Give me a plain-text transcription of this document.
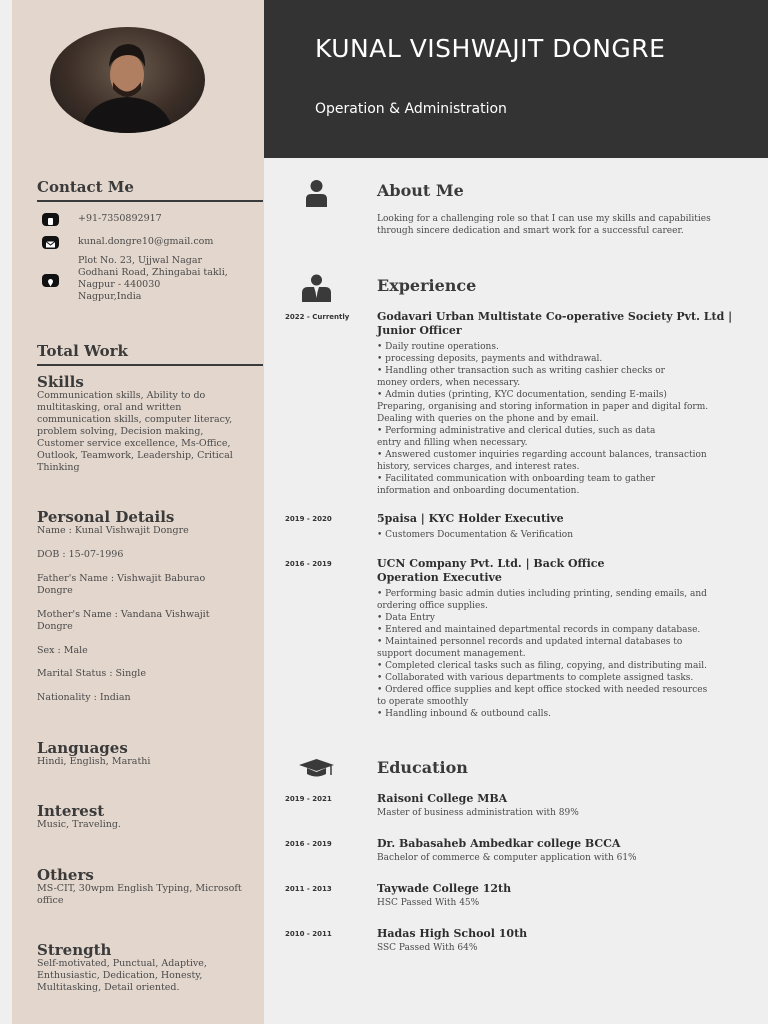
KUNAL VISHWAJIT DONGRE
Operation & Administration
Contact Me
+91-7350892917
kunal.dongre10@gmail.com
Plot No. 23, Ujjwal Nagar
Godhani Road, Zhingabai takli,
Nagpur - 440030
Nagpur,India
Total Work
Skills
Communication skills, Ability to do
multitasking, oral and written
communication skills, computer literacy,
problem solving, Decision making,
Customer service excellence, Ms-Office,
Outlook, Teamwork, Leadership, Critical
Thinking
Personal Details
Name : Kunal Vishwajit Dongre
DOB : 15-07-1996
Father's Name : Vishwajit Baburao
Dongre
Mother's Name : Vandana Vishwajit
Dongre
Sex : Male
Marital Status : Single
Nationality : Indian
Languages
Hindi, English, Marathi
Interest
Music, Traveling.
Others
MS-CIT, 30wpm English Typing, Microsoft
office
Strength
Self-motivated, Punctual, Adaptive,
Enthusiastic, Dedication, Honesty,
Multitasking, Detail oriented.
About Me
Looking for a challenging role so that I can use my skills and capabilities
through sincere dedication and smart work for a successful career.
Experience
2022 - Currently	Godavari Urban Multistate Co-operative Society Pvt. Ltd |
Junior Officer
• Daily routine operations.
• processing deposits, payments and withdrawal.
• Handling other transaction such as writing cashier checks or
money orders, when necessary.
• Admin duties (printing, KYC documentation, sending E-mails)
Preparing, organising and storing information in paper and digital form.
Dealing with queries on the phone and by email.
• Performing administrative and clerical duties, such as data
entry and filling when necessary.
• Answered customer inquiries regarding account balances, transaction
history, services charges, and interest rates.
• Facilitated communication with onboarding team to gather
information and onboarding documentation.
2019 - 2020	5paisa | KYC Holder Executive
• Customers Documentation & Verification
2016 - 2019	UCN Company Pvt. Ltd. | Back Office
Operation Executive
• Performing basic admin duties including printing, sending emails, and
ordering office supplies.
• Data Entry
• Entered and maintained departmental records in company database.
• Maintained personnel records and updated internal databases to
support document management.
• Completed clerical tasks such as filing, copying, and distributing mail.
• Collaborated with various departments to complete assigned tasks.
• Ordered office supplies and kept office stocked with needed resources
to operate smoothly
• Handling inbound & outbound calls.
Education
2019 - 2021	Raisoni College MBA
Master of business administration with 89%
2016 - 2019	Dr. Babasaheb Ambedkar college BCCA
Bachelor of commerce & computer application with 61%
2011 - 2013	Taywade College 12th
HSC Passed With 45%
2010 - 2011	Hadas High School 10th
SSC Passed With 64%
